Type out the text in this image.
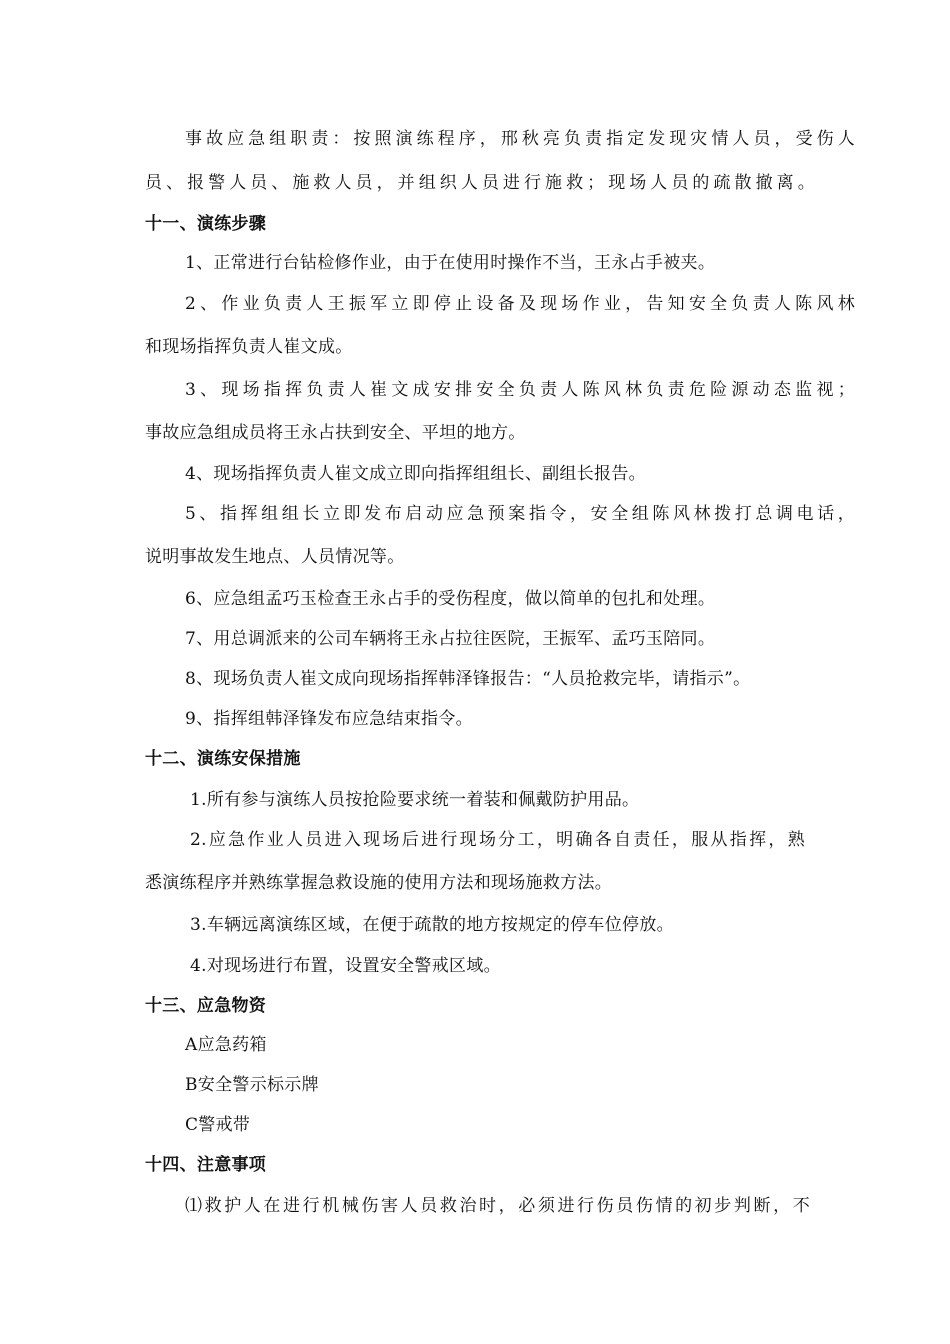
事故应急组职责：按照演练程序，邢秋亮负责指定发现灾情人员，受伤人
员、报警人员、施救人员，并组织人员进行施救；现场人员的疏散撤离。
十一、演练步骤
1、正常进行台钻检修作业，由于在使用时操作不当，王永占手被夹。
2、作业负责人王振军立即停止设备及现场作业，告知安全负责人陈风林
和现场指挥负责人崔文成。
3、现场指挥负责人崔文成安排安全负责人陈风林负责危险源动态监视；
事故应急组成员将王永占扶到安全、平坦的地方。
4、现场指挥负责人崔文成立即向指挥组组长、副组长报告。
5、指挥组组长立即发布启动应急预案指令，安全组陈风林拨打总调电话，
说明事故发生地点、人员情况等。
6、应急组孟巧玉检查王永占手的受伤程度，做以简单的包扎和处理。
7、用总调派来的公司车辆将王永占拉往医院，王振军、孟巧玉陪同。
8、现场负责人崔文成向现场指挥韩泽锋报告：“人员抢救完毕，请指示”。
9、指挥组韩泽锋发布应急结束指令。
十二、演练安保措施
1.所有参与演练人员按抢险要求统一着装和佩戴防护用品。
2.应急作业人员进入现场后进行现场分工，明确各自责任，服从指挥，熟
悉演练程序并熟练掌握急救设施的使用方法和现场施救方法。
3.车辆远离演练区域，在便于疏散的地方按规定的停车位停放。
4.对现场进行布置，设置安全警戒区域。
十三、应急物资
A应急药箱
B安全警示标示牌
C警戒带
十四、注意事项
⑴救护人在进行机械伤害人员救治时，必须进行伤员伤情的初步判断，不
